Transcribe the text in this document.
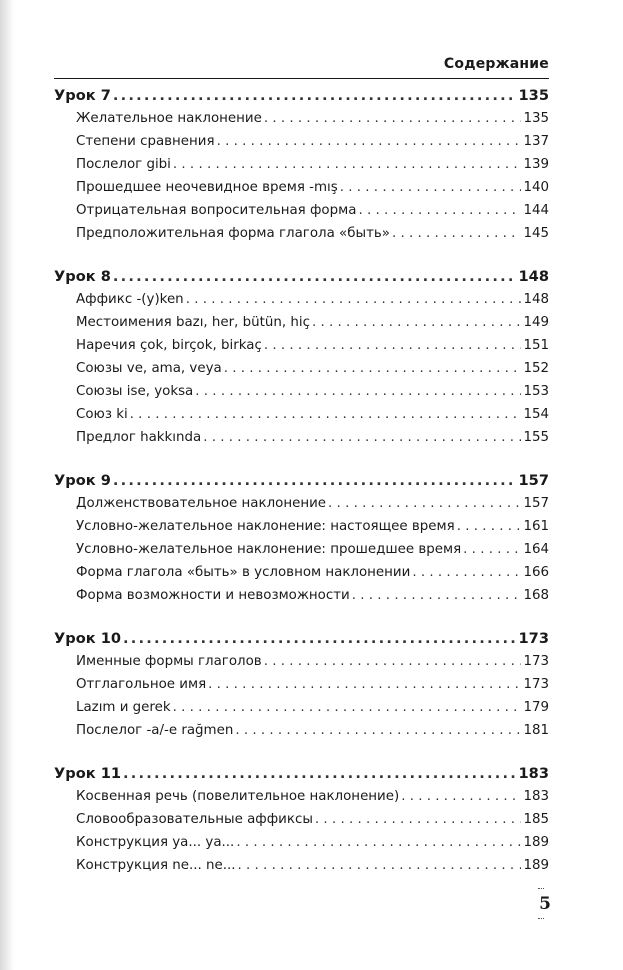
Содержание
Урок 7 .....	135
Желательное наклонение . . .	135
Степени сравнения . . .	137
Послелог gibi . . .	139
Прошедшее неочевидное время -mış . . .	140
Отрицательная вопросительная форма . . .	144
Предположительная форма глагола «быть» . . .	145
Урок 8 .....	148
Аффикс -(y)ken . . .	148
Местоимения bazı, her, bütün, hiç . . .	149
Наречия çok, birçok, birkaç . . .	151
Союзы ve, ama, veya . . .	152
Союзы ise, yoksa . . .	153
Союз ki . . .	154
Предлог hakkında . . .	155
Урок 9 .....	157
Долженствовательное наклонение . . .	157
Условно-желательное наклонение: настоящее время . . .	161
Условно-желательное наклонение: прошедшее время . . .	164
Форма глагола «быть» в условном наклонении . . .	166
Форма возможности и невозможности . . .	168
Урок 10 .....	173
Именные формы глаголов . . .	173
Отглагольное имя . . .	173
Lazım и gerek . . .	179
Послелог -a/-e rağmen . . .	181
Урок 11 .....	183
Косвенная речь (повелительное наклонение) . . .	183
Словообразовательные аффиксы . . .	185
Конструкция ya... ya... . . .	189
Конструкция ne... ne... . . .	189
5
